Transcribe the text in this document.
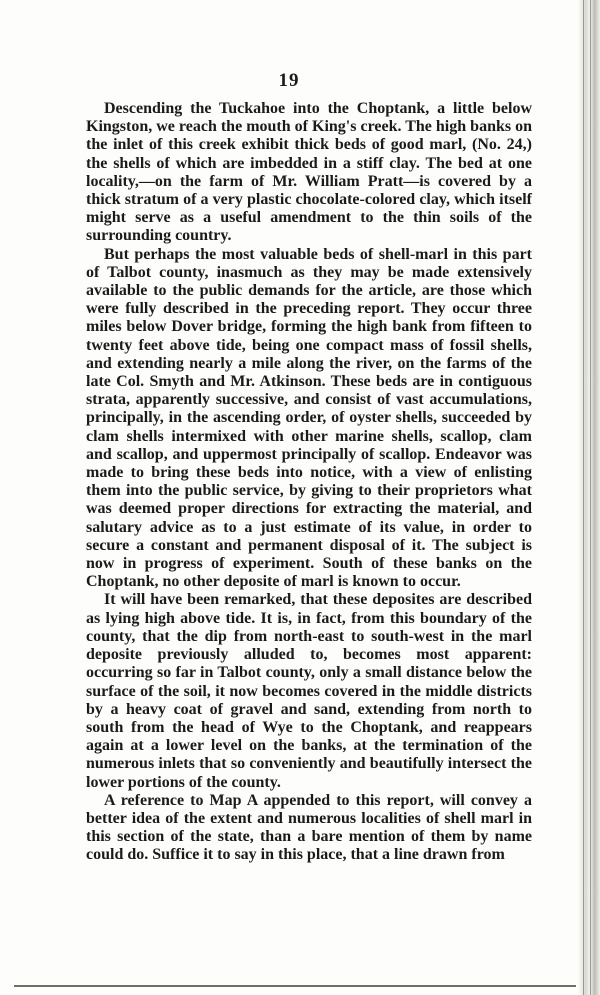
19

Descending the Tuckahoe into the Choptank, a little below Kingston, we reach the mouth of King's creek. The high banks on the inlet of this creek exhibit thick beds of good marl, (No. 24,) the shells of which are imbedded in a stiff clay. The bed at one locality,—on the farm of Mr. William Pratt—is covered by a thick stratum of a very plastic chocolate-colored clay, which itself might serve as a useful amendment to the thin soils of the surrounding country.

But perhaps the most valuable beds of shell-marl in this part of Talbot county, inasmuch as they may be made extensively available to the public demands for the article, are those which were fully described in the preceding report. They occur three miles below Dover bridge, forming the high bank from fifteen to twenty feet above tide, being one compact mass of fossil shells, and extending nearly a mile along the river, on the farms of the late Col. Smyth and Mr. Atkinson. These beds are in contiguous strata, apparently successive, and consist of vast accumulations, principally, in the ascending order, of oyster shells, succeeded by clam shells intermixed with other marine shells, scallop, clam and scallop, and uppermost principally of scallop. Endeavor was made to bring these beds into notice, with a view of enlisting them into the public service, by giving to their proprietors what was deemed proper directions for extracting the material, and salutary advice as to a just estimate of its value, in order to secure a constant and permanent disposal of it. The subject is now in progress of experiment. South of these banks on the Choptank, no other deposite of marl is known to occur.

It will have been remarked, that these deposites are described as lying high above tide. It is, in fact, from this boundary of the county, that the dip from north-east to south-west in the marl deposite previously alluded to, becomes most apparent: occurring so far in Talbot county, only a small distance below the surface of the soil, it now becomes covered in the middle districts by a heavy coat of gravel and sand, extending from north to south from the head of Wye to the Choptank, and reappears again at a lower level on the banks, at the termination of the numerous inlets that so conveniently and beautifully intersect the lower portions of the county.

A reference to Map A appended to this report, will convey a better idea of the extent and numerous localities of shell marl in this section of the state, than a bare mention of them by name could do. Suffice it to say in this place, that a line drawn from
